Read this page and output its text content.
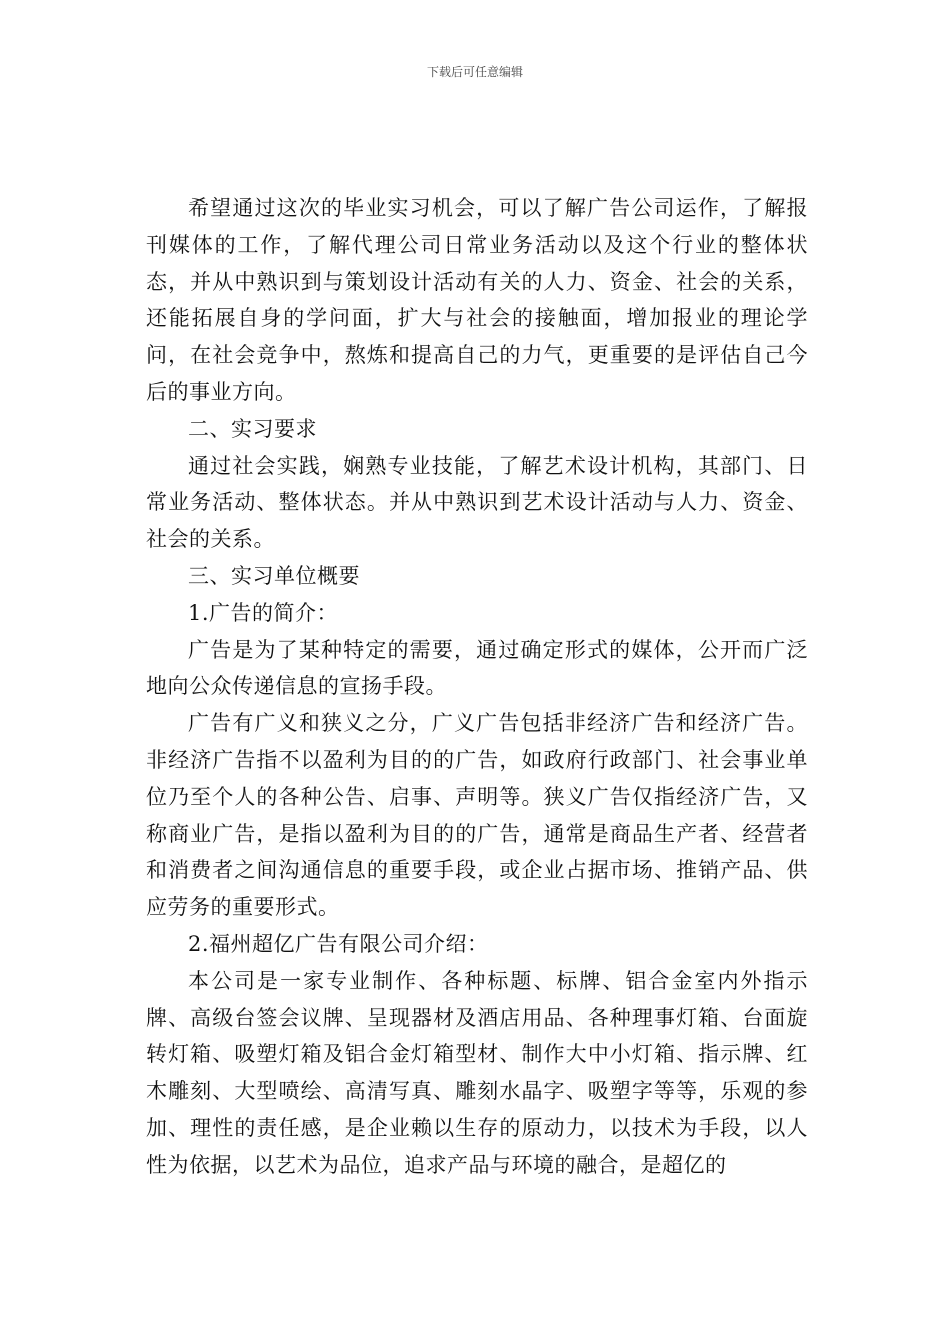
下载后可任意编辑

希望通过这次的毕业实习机会，可以了解广告公司运作，了解报刊媒体的工作，了解代理公司日常业务活动以及这个行业的整体状态，并从中熟识到与策划设计活动有关的人力、资金、社会的关系，还能拓展自身的学问面，扩大与社会的接触面，增加报业的理论学问，在社会竞争中，熬炼和提高自己的力气，更重要的是评估自己今后的事业方向。

二、实习要求

通过社会实践，娴熟专业技能，了解艺术设计机构，其部门、日常业务活动、整体状态。并从中熟识到艺术设计活动与人力、资金、社会的关系。

三、实习单位概要

1.广告的简介：

广告是为了某种特定的需要，通过确定形式的媒体，公开而广泛地向公众传递信息的宣扬手段。

广告有广义和狭义之分，广义广告包括非经济广告和经济广告。非经济广告指不以盈利为目的的广告，如政府行政部门、社会事业单位乃至个人的各种公告、启事、声明等。狭义广告仅指经济广告，又称商业广告，是指以盈利为目的的广告，通常是商品生产者、经营者和消费者之间沟通信息的重要手段，或企业占据市场、推销产品、供应劳务的重要形式。

2.福州超亿广告有限公司介绍：

本公司是一家专业制作、各种标题、标牌、铝合金室内外指示牌、高级台签会议牌、呈现器材及酒店用品、各种理事灯箱、台面旋转灯箱、吸塑灯箱及铝合金灯箱型材、制作大中小灯箱、指示牌、红木雕刻、大型喷绘、高清写真、雕刻水晶字、吸塑字等等，乐观的参加、理性的责任感，是企业赖以生存的原动力，以技术为手段，以人性为依据，以艺术为品位，追求产品与环境的融合，是超亿的
